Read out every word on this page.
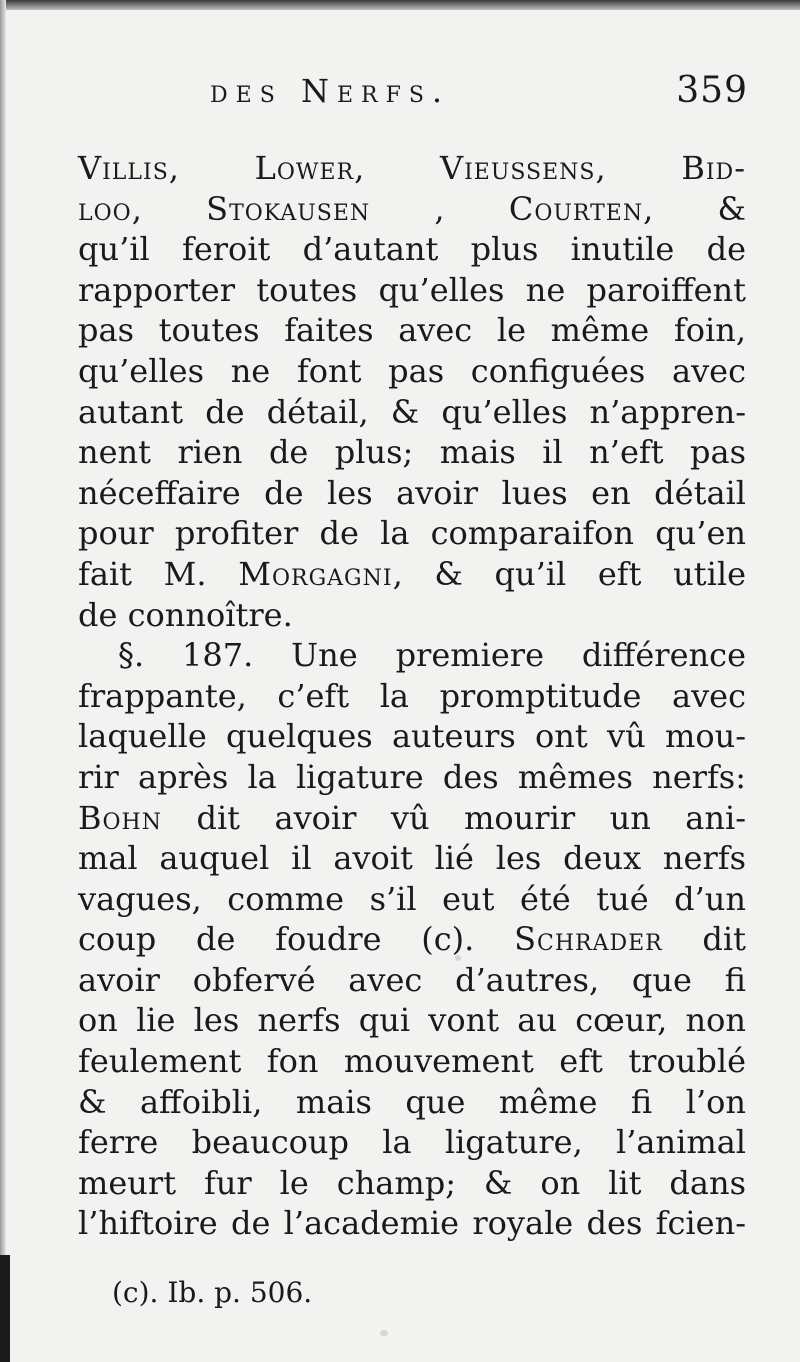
des Nerfs.	359
Villis, Lower, Vieussens, Bid-
loo, Stokausen , Courten, &
qu’il feroit d’autant plus inutile de
rapporter toutes qu’elles ne paroiffent
pas toutes faites avec le même foin,
qu’elles ne font pas configuées avec
autant de détail, & qu’elles n’appren-
nent rien de plus; mais il n’eft pas
néceffaire de les avoir lues en détail
pour profiter de la comparaifon qu’en
fait M. Morgagni, & qu’il eft utile
de connoître.
§. 187. Une premiere différence
frappante, c’eft la promptitude avec
laquelle quelques auteurs ont vû mou-
rir après la ligature des mêmes nerfs:
Bohn dit avoir vû mourir un ani-
mal auquel il avoit lié les deux nerfs
vagues, comme s’il eut été tué d’un
coup de foudre (c). Schrader dit
avoir obfervé avec d’autres, que fi
on lie les nerfs qui vont au cœur, non
feulement fon mouvement eft troublé
& affoibli, mais que même fi l’on
ferre beaucoup la ligature, l’animal
meurt fur le champ; & on lit dans
l’hiftoire de l’academie royale des fcien-
(c). Ib. p. 506.
